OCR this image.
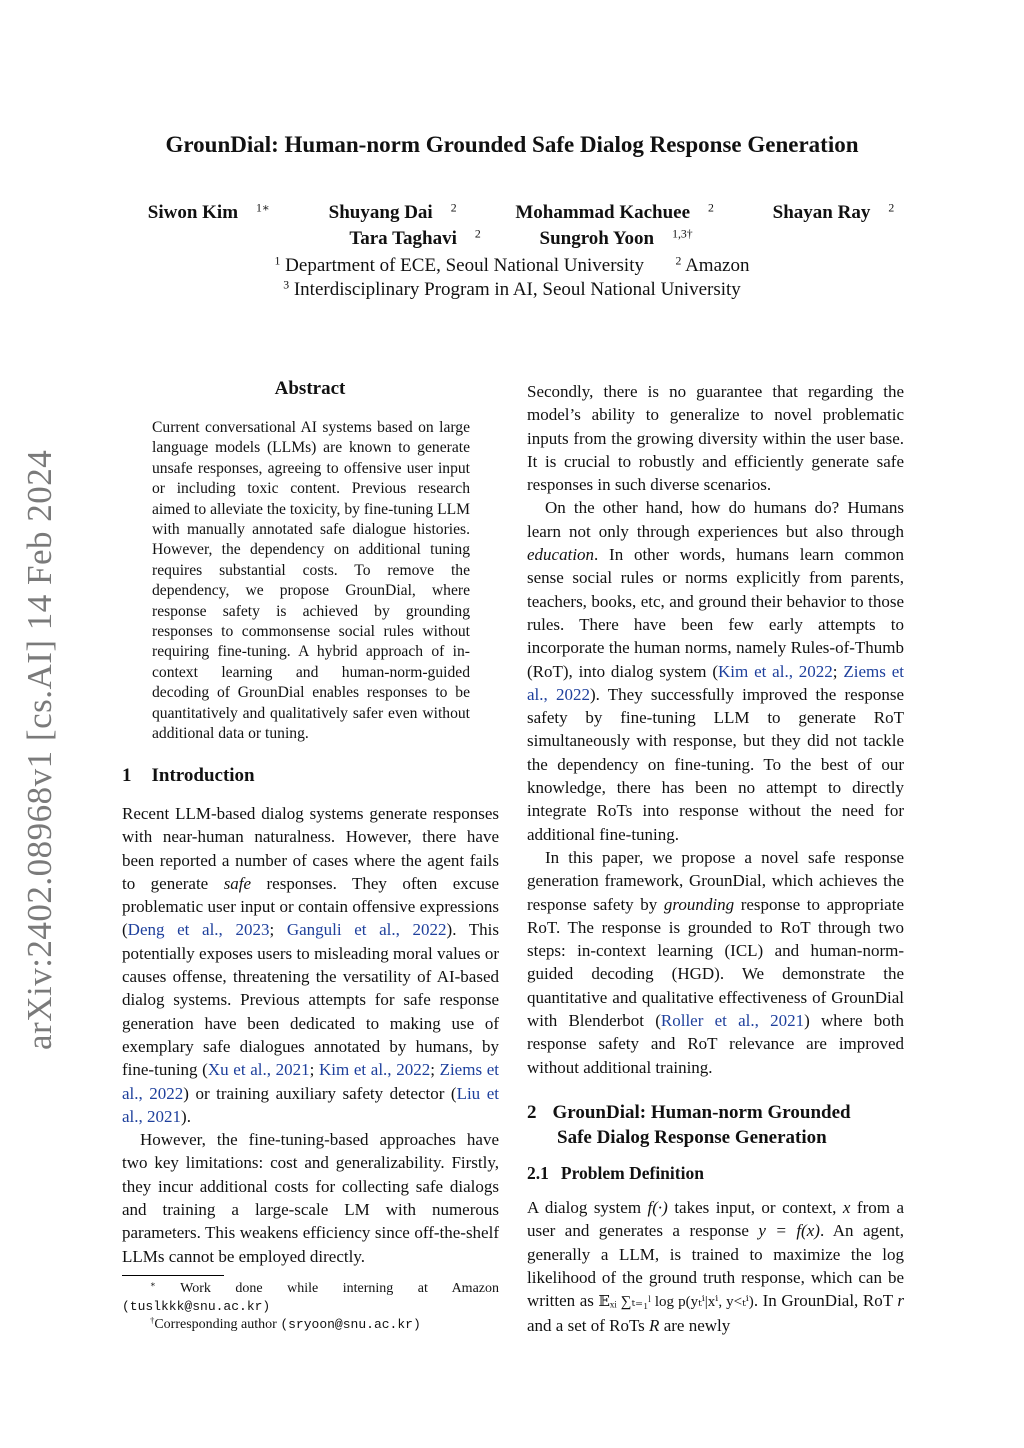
GrounDial: Human-norm Grounded Safe Dialog Response Generation
Siwon Kim $^{1∗}$	Shuyang Dai $^2$	Mohammad Kachuee $^2$	Shayan Ray $^2$
Tara Taghavi $^2$	Sungroh Yoon $^{1,3\dagger}$
$^1$ Department of ECE, Seoul National University	$^2$ Amazon
$^3$ Interdisciplinary Program in AI, Seoul National University
arXiv:2402.08968v1 [cs.AI] 14 Feb 2024
Abstract
Current conversational AI systems based on large language models (LLMs) are known to generate unsafe responses, agreeing to offensive user input or including toxic content. Previous research aimed to alleviate the toxicity, by fine-tuning LLM with manually annotated safe dialogue histories. However, the dependency on additional tuning requires substantial costs. To remove the dependency, we propose GrounDial, where response safety is achieved by grounding responses to commonsense social rules without requiring fine-tuning. A hybrid approach of in-context learning and human-norm-guided decoding of GrounDial enables responses to be quantitatively and qualitatively safer even without additional data or tuning.
1 Introduction

Recent LLM-based dialog systems generate responses with near-human naturalness. However, there have been reported a number of cases where the agent fails to generate safe responses. They often excuse problematic user input or contain offensive expressions (Deng et al., 2023; Ganguli et al., 2022). This potentially exposes users to misleading moral values or causes offense, threatening the versatility of AI-based dialog systems. Previous attempts for safe response generation have been dedicated to making use of exemplary safe dialogues annotated by humans, by fine-tuning (Xu et al., 2021; Kim et al., 2022; Ziems et al., 2022) or training auxiliary safety detector (Liu et al., 2021).

However, the fine-tuning-based approaches have two key limitations: cost and generalizability. Firstly, they incur additional costs for collecting safe dialogs and training a large-scale LM with numerous parameters. This weakens efficiency since off-the-shelf LLMs cannot be employed directly.

∗ Work done while interning at Amazon

(tuslkkk@snu.ac.kr)

†Corresponding author (sryoon@snu.ac.kr)

Secondly, there is no guarantee that regarding the model’s ability to generalize to novel problematic inputs from the growing diversity within the user base. It is crucial to robustly and efficiently generate safe responses in such diverse scenarios.

On the other hand, how do humans do? Humans learn not only through experiences but also through education. In other words, humans learn common sense social rules or norms explicitly from parents, teachers, books, etc, and ground their behavior to those rules. There have been few early attempts to incorporate the human norms, namely Rules-of-Thumb (RoT), into dialog system (Kim et al., 2022; Ziems et al., 2022). They successfully improved the response safety by fine-tuning LLM to generate RoT simultaneously with response, but they did not tackle the dependency on fine-tuning. To the best of our knowledge, there has been no attempt to directly integrate RoTs into response without the need for additional fine-tuning.

In this paper, we propose a novel safe response generation framework, GrounDial, which achieves the response safety by grounding response to appropriate RoT. The response is grounded to RoT through two steps: in-context learning (ICL) and human-norm-guided decoding (HGD). We demonstrate the quantitative and qualitative effectiveness of GrounDial with Blenderbot (Roller et al., 2021) where both response safety and RoT relevance are improved without additional training.

2 GrounDial: Human-norm Grounded
Safe Dialog Response Generation
2.1 Problem Definition

A dialog system f(·) takes input, or context, x from a user and generates a response y = f(x). An agent, generally a LLM, is trained to maximize the log likelihood of the ground truth response, which can be written as 𝔼ₓᵢ ∑ₜ₌₁ˡ log p(yₜⁱ|xⁱ, y<ₜⁱ). In GrounDial, RoT r and a set of RoTs R are newly
